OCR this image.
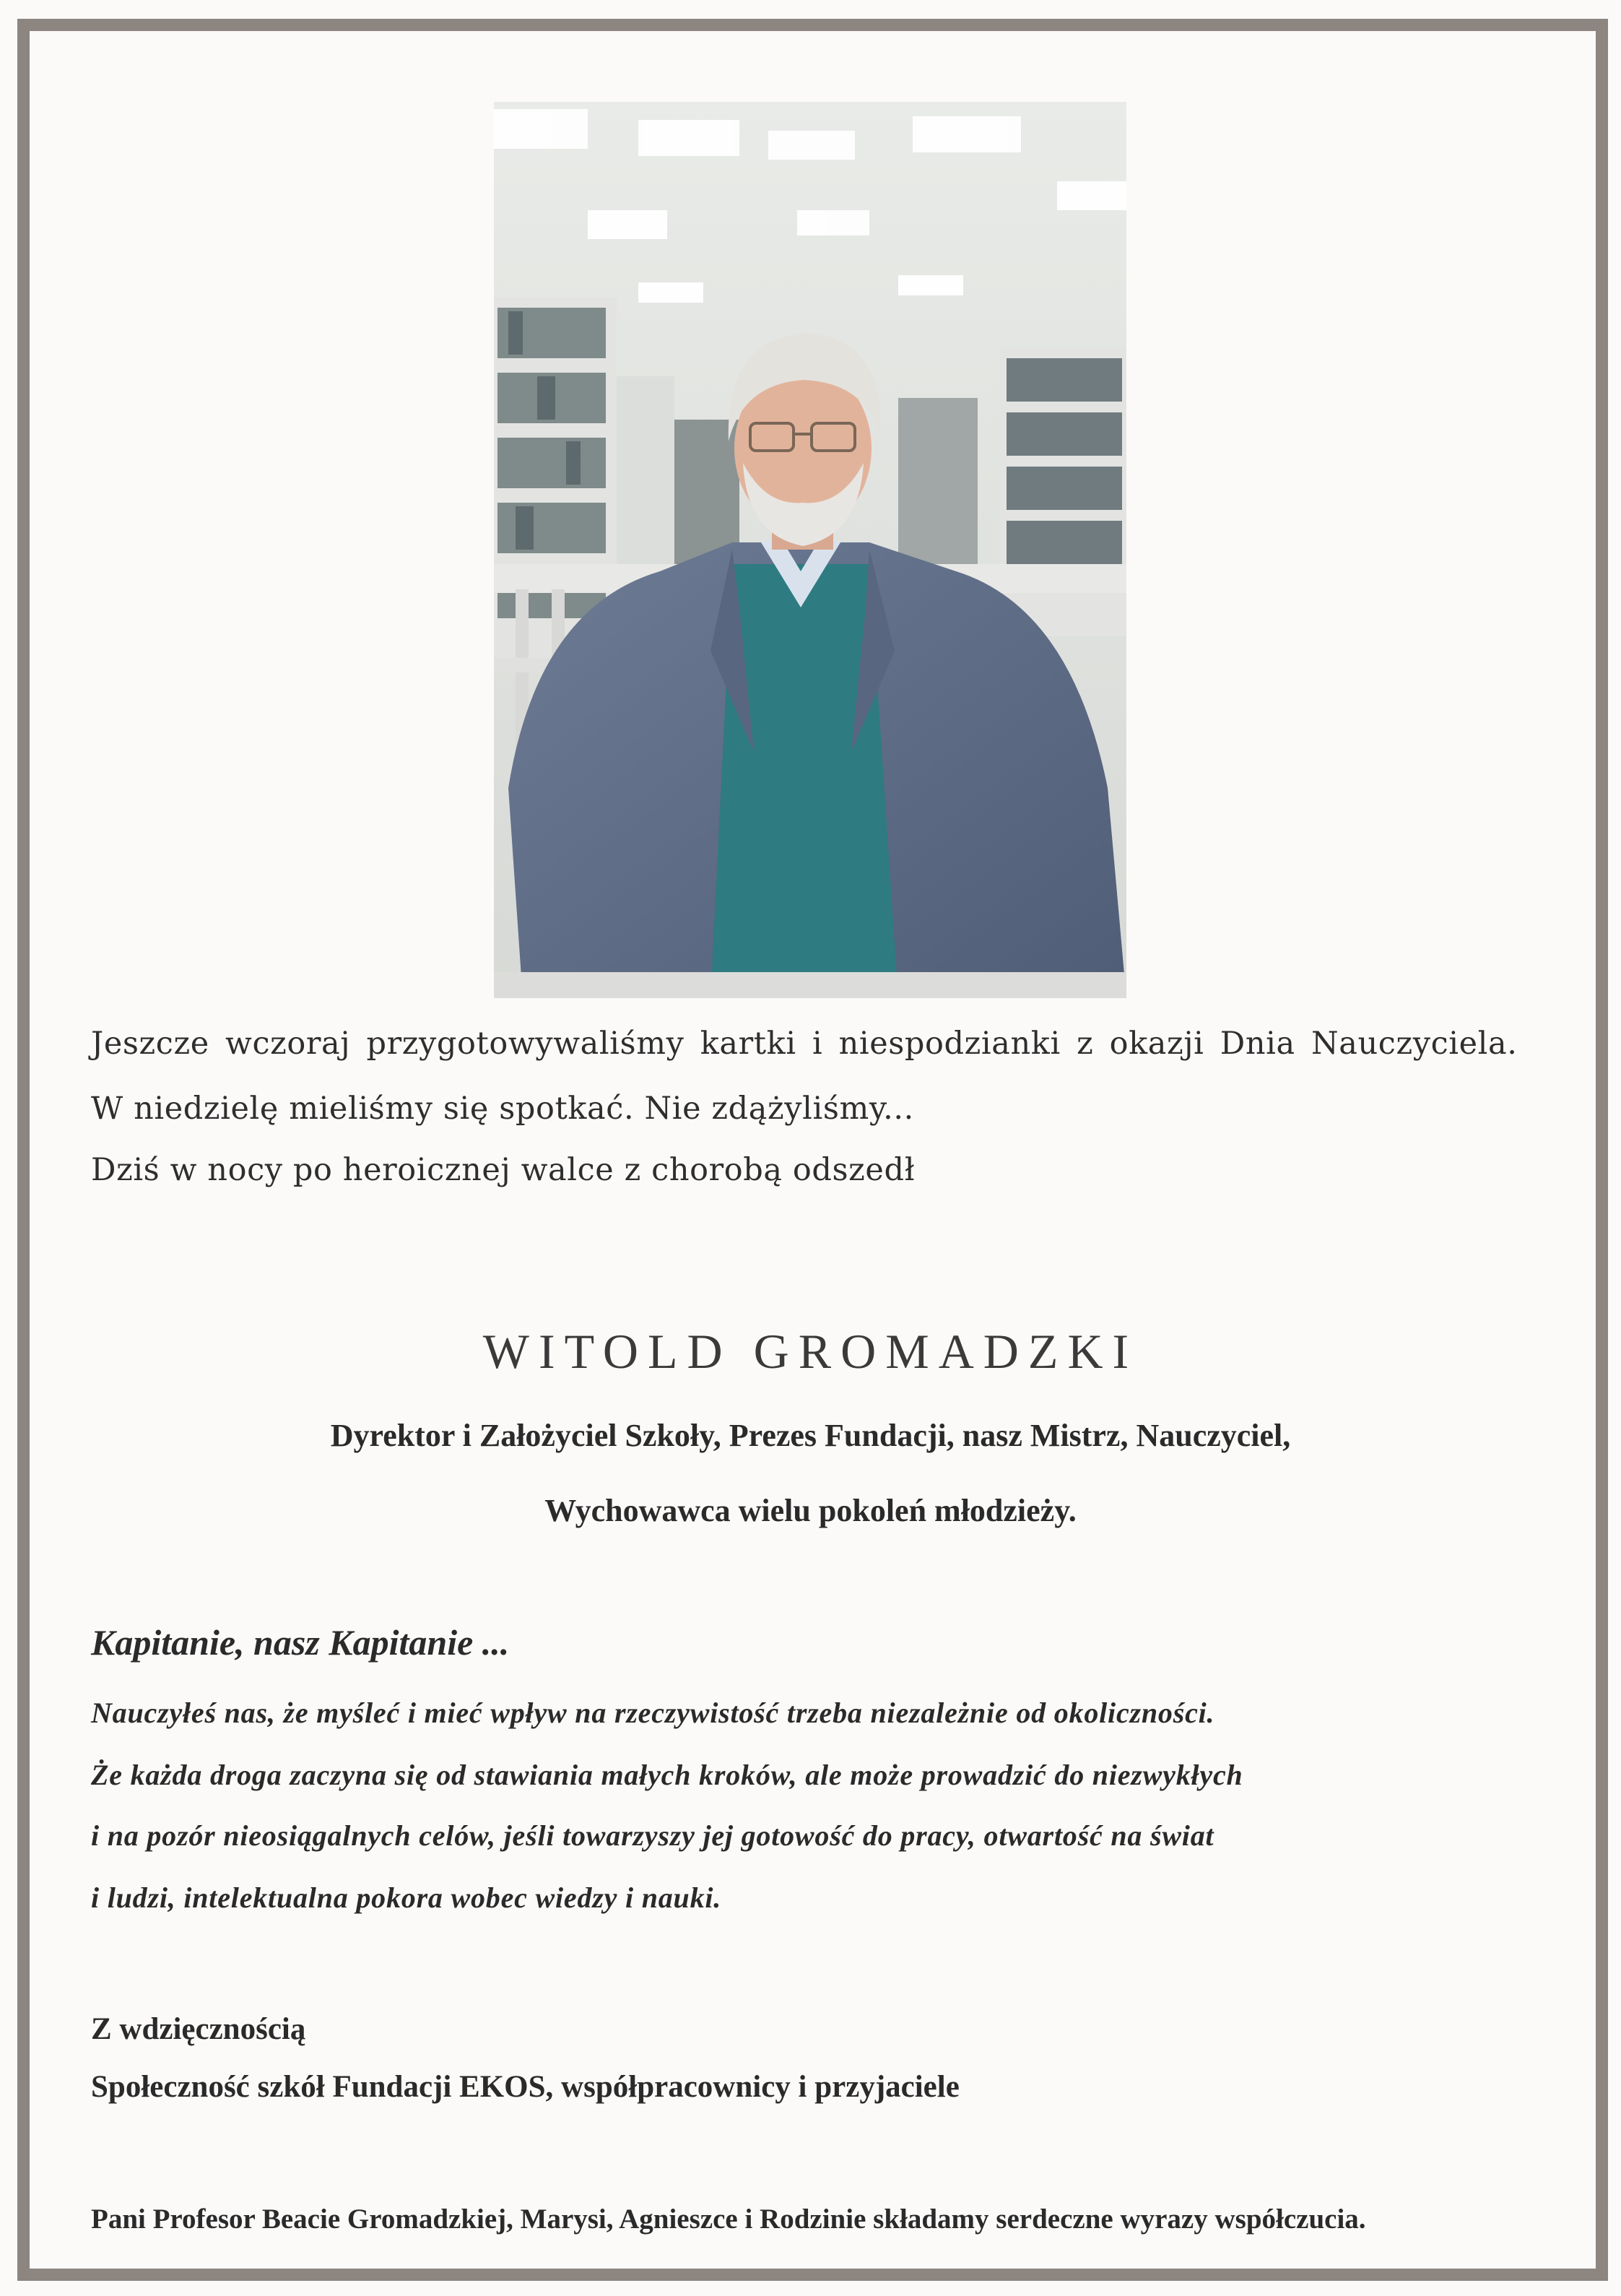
Jeszcze wczoraj przygotowywaliśmy kartki i niespodzianki z okazji Dnia Nauczyciela.
W niedzielę mieliśmy się spotkać. Nie zdążyliśmy...
Dziś w nocy po heroicznej walce z chorobą odszedł
WITOLD GROMADZKI
Dyrektor i Założyciel Szkoły, Prezes Fundacji, nasz Mistrz, Nauczyciel,
Wychowawca wielu pokoleń młodzieży.
Kapitanie, nasz Kapitanie ...
Nauczyłeś nas, że myśleć i mieć wpływ na rzeczywistość trzeba niezależnie od okoliczności.
Że każda droga zaczyna się od stawiania małych kroków, ale może prowadzić do niezwykłych
i na pozór nieosiągalnych celów, jeśli towarzyszy jej gotowość do pracy, otwartość na świat
i ludzi, intelektualna pokora wobec wiedzy i nauki.
Z wdzięcznością
Społeczność szkół Fundacji EKOS, współpracownicy i przyjaciele
Pani Profesor Beacie Gromadzkiej, Marysi, Agnieszce i Rodzinie składamy serdeczne wyrazy współczucia.
